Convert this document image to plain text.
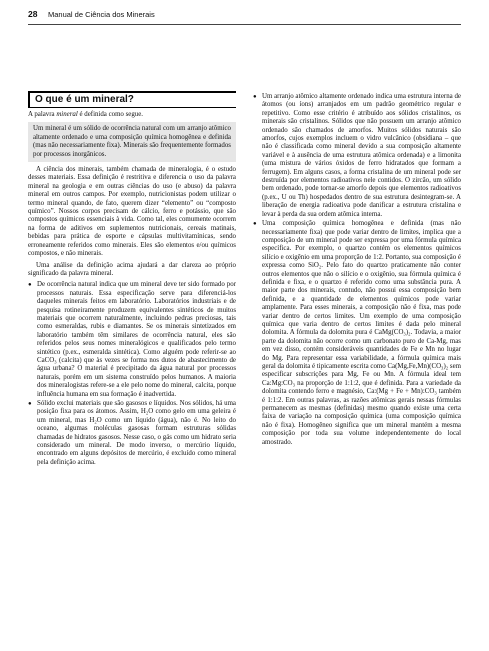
28 Manual de Ciência dos Minerais
O que é um mineral?

A palavra mineral é definida como segue.

Um mineral é um sólido de ocorrência natural com um arranjo atômico altamente ordenado e uma composição química homogênea e definida (mas não necessariamente fixa). Minerais são frequentemente formados por processos inorgânicos.

A ciência dos minerais, também chamada de mineralogia, é o estudo desses materiais. Essa definição é restritiva e diferencia o uso da palavra mineral na geologia e em outras ciências do uso (e abuso) da palavra mineral em outros campos. Por exemplo, nutricionistas podem utilizar o termo mineral quando, de fato, querem dizer “elemento” ou “composto químico”. Nossos corpos precisam de cálcio, ferro e potássio, que são compostos químicos essenciais à vida. Como tal, eles comumente ocorrem na forma de aditivos em suplementos nutricionais, cereais matinais, bebidas para prática de esporte e cápsulas multivitamínicas, sendo erroneamente referidos como minerais. Eles são elementos e/ou químicos compostos, e não minerais.

Uma análise da definição acima ajudará a dar clareza ao próprio significado da palavra mineral.

● De ocorrência natural indica que um mineral deve ter sido formado por processos naturais. Essa especificação serve para diferenciá-los daqueles minerais feitos em laboratório. Laboratórios industriais e de pesquisa rotineiramente produzem equivalentes sintéticos de muitos materiais que ocorrem naturalmente, incluindo pedras preciosas, tais como esmeraldas, rubis e diamantes. Se os minerais sintetizados em laboratório também têm similares de ocorrência natural, eles são referidos pelos seus nomes mineralógicos e qualificados pelo termo sintético (p.ex., esmeralda sintética). Como alguém pode referir-se ao CaCO₃ (calcita) que às vezes se forma nos dutos de abastecimento de água urbana? O material é precipitado da água natural por processos naturais, porém em um sistema construído pelos humanos. A maioria dos mineralogistas refere-se a ele pelo nome do mineral, calcita, porque influência humana em sua formação é inadvertida.
● Sólido exclui materiais que são gasosos e líquidos. Nos sólidos, há uma posição fixa para os átomos. Assim, H₂O como gelo em uma geleira é um mineral, mas H₂O como um líquido (água), não é. No leito do oceano, algumas moléculas gasosas formam estruturas sólidas chamadas de hidratos gasosos. Nesse caso, o gás como um hidrato seria considerado um mineral. De modo inverso, o mercúrio líquido, encontrado em alguns depósitos de mercúrio, é excluído como mineral pela definição acima.
● Um arranjo atômico altamente ordenado indica uma estrutura interna de átomos (ou íons) arranjados em um padrão geométrico regular e repetitivo. Como esse critério é atribuído aos sólidos cristalinos, os minerais são cristalinos. Sólidos que não possuem um arranjo atômico ordenado são chamados de amorfos. Muitos sólidos naturais são amorfos, cujos exemplos incluem o vidro vulcânico (obsidiana – que não é classificada como mineral devido a sua composição altamente variável e à ausência de uma estrutura atômica ordenada) e a limonita (uma mistura de vários óxidos de ferro hidratados que formam a ferrugem). Em alguns casos, a forma cristalina de um mineral pode ser destruída por elementos radioativos nele contidos. O zircão, um sólido bem ordenado, pode tornar-se amorfo depois que elementos radioativos (p.ex., U ou Th) hospedados dentro de sua estrutura desintegram-se. A liberação de energia radioativa pode danificar a estrutura cristalina e levar à perda da sua ordem atômica interna.
● Uma composição química homogênea e definida (mas não necessariamente fixa) que pode variar dentro de limites, implica que a composição de um mineral pode ser expressa por uma fórmula química específica. Por exemplo, o quartzo contém os elementos químicos silício e oxigênio em uma proporção de 1:2. Portanto, sua composição é expressa como SiO₂. Pelo fato do quartzo praticamente não conter outros elementos que não o silício e o oxigênio, sua fórmula química é definida e fixa, e o quartzo é referido como uma substância pura. A maior parte dos minerais, contudo, não possui essa composição bem definida, e a quantidade de elementos químicos pode variar amplamente. Para esses minerais, a composição não é fixa, mas pode variar dentro de certos limites. Um exemplo de uma composição química que varia dentro de certos limites é dada pelo mineral dolomita. A fórmula da dolomita pura é CaMg(CO₃)₂. Todavia, a maior parte da dolomita não ocorre como um carbonato puro de Ca-Mg, mas em vez disso, contém consideráveis quantidades de Fe e Mn no lugar do Mg. Para representar essa variabilidade, a fórmula química mais geral da dolomita é tipicamente escrita como Ca(Mg,Fe,Mn)(CO₃)₂ sem especificar subscrições para Mg, Fe ou Mn. A fórmula ideal tem Ca:Mg:CO₃ na proporção de 1:1:2, que é definida. Para a variedade da dolomita contendo ferro e magnésio, Ca:(Mg + Fe + Mn):CO₃ também é 1:1:2. Em outras palavras, as razões atômicas gerais nessas fórmulas permanecem as mesmas (definidas) mesmo quando existe uma certa faixa de variação na composição química (uma composição química não é fixa). Homogêneo significa que um mineral mantém a mesma composição por toda sua volume independentemente do local amostrado.
